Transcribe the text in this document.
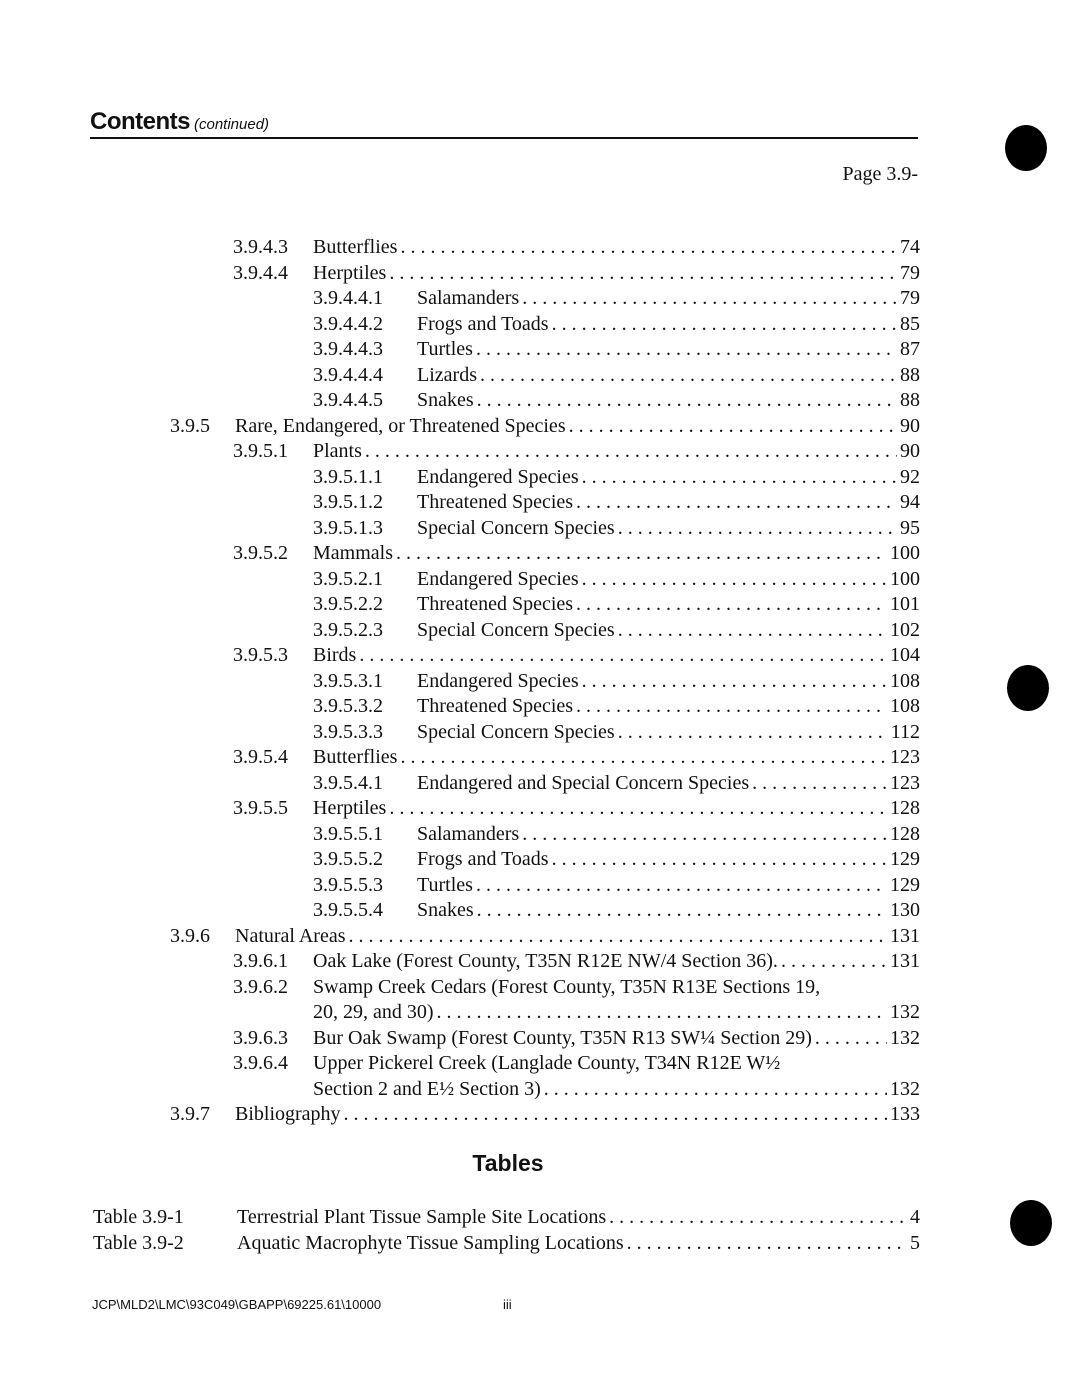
Contents (continued)
Page 3.9-
3.9.4.3 Butterflies . . .	74
3.9.4.4 Herptiles . . .	79
3.9.4.4.1 Salamanders . . .	79
3.9.4.4.2 Frogs and Toads . . .	85
3.9.4.4.3 Turtles . . .	87
3.9.4.4.4 Lizards . . .	88
3.9.4.4.5 Snakes . . .	88
3.9.5 Rare, Endangered, or Threatened Species . . .	90
3.9.5.1 Plants . . .	90
3.9.5.1.1 Endangered Species . . .	92
3.9.5.1.2 Threatened Species . . .	94
3.9.5.1.3 Special Concern Species . . .	95
3.9.5.2 Mammals . . .	100
3.9.5.2.1 Endangered Species . . .	100
3.9.5.2.2 Threatened Species . . .	101
3.9.5.2.3 Special Concern Species . . .	102
3.9.5.3 Birds . . .	104
3.9.5.3.1 Endangered Species . . .	108
3.9.5.3.2 Threatened Species . . .	108
3.9.5.3.3 Special Concern Species . . .	112
3.9.5.4 Butterflies . . .	123
3.9.5.4.1 Endangered and Special Concern Species . . .	123
3.9.5.5 Herptiles . . .	128
3.9.5.5.1 Salamanders . . .	128
3.9.5.5.2 Frogs and Toads . . .	129
3.9.5.5.3 Turtles . . .	129
3.9.5.5.4 Snakes . . .	130
3.9.6 Natural Areas . . .	131
3.9.6.1 Oak Lake (Forest County, T35N R12E NW/4 Section 36). . . .	131
3.9.6.2 Swamp Creek Cedars (Forest County, T35N R13E Sections 19,
20, 29, and 30) . . .	132
3.9.6.3 Bur Oak Swamp (Forest County, T35N R13 SW¼ Section 29) . . .	132
3.9.6.4 Upper Pickerel Creek (Langlade County, T34N R12E W½
Section 2 and E½ Section 3) . . .	132
3.9.7 Bibliography . . .	133
Tables
Table 3.9-1	Terrestrial Plant Tissue Sample Site Locations . . .	4
Table 3.9-2	Aquatic Macrophyte Tissue Sampling Locations . . .	5
JCP\MLD2\LMC\93C049\GBAPP\69225.61\10000	iii
